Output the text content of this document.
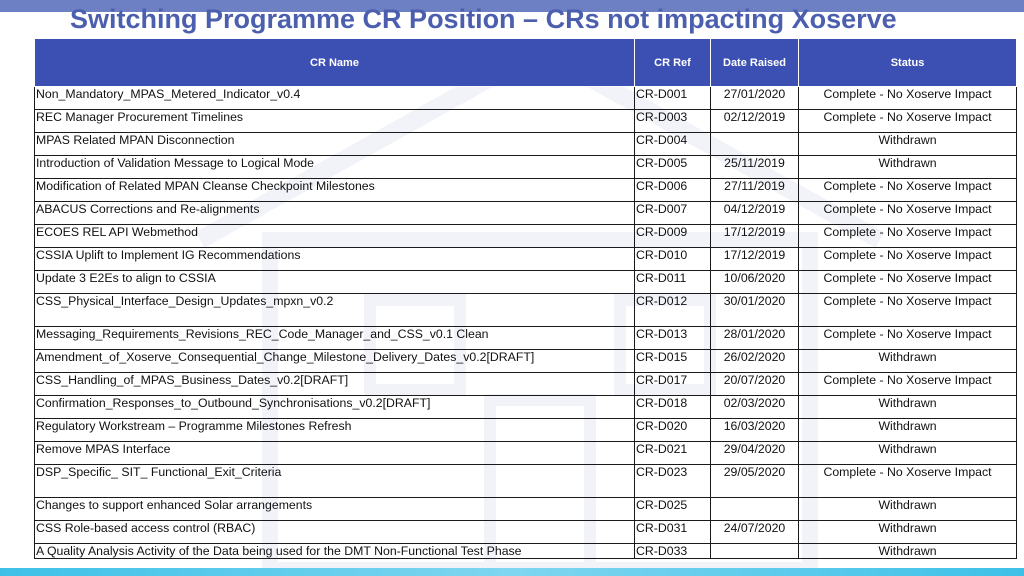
Switching Programme CR Position – CRs not impacting Xoserve
CR Name	CR Ref	Date Raised	Status
Non_Mandatory_MPAS_Metered_Indicator_v0.4	CR-D001	27/01/2020	Complete - No Xoserve Impact
REC Manager Procurement Timelines	CR-D003	02/12/2019	Complete - No Xoserve Impact
MPAS Related MPAN Disconnection	CR-D004		Withdrawn
Introduction of Validation Message to Logical Mode	CR-D005	25/11/2019	Withdrawn
Modification of Related MPAN Cleanse Checkpoint Milestones	CR-D006	27/11/2019	Complete - No Xoserve Impact
ABACUS Corrections and Re-alignments	CR-D007	04/12/2019	Complete - No Xoserve Impact
ECOES REL API Webmethod	CR-D009	17/12/2019	Complete - No Xoserve Impact
CSSIA Uplift to Implement IG Recommendations	CR-D010	17/12/2019	Complete - No Xoserve Impact
Update 3 E2Es to align to CSSIA	CR-D011	10/06/2020	Complete - No Xoserve Impact
CSS_Physical_Interface_Design_Updates_mpxn_v0.2	CR-D012	30/01/2020	Complete - No Xoserve Impact
Messaging_Requirements_Revisions_REC_Code_Manager_and_CSS_v0.1 Clean	CR-D013	28/01/2020	Complete - No Xoserve Impact
Amendment_of_Xoserve_Consequential_Change_Milestone_Delivery_Dates_v0.2[DRAFT]	CR-D015	26/02/2020	Withdrawn
CSS_Handling_of_MPAS_Business_Dates_v0.2[DRAFT]	CR-D017	20/07/2020	Complete - No Xoserve Impact
Confirmation_Responses_to_Outbound_Synchronisations_v0.2[DRAFT]	CR-D018	02/03/2020	Withdrawn
Regulatory Workstream – Programme Milestones Refresh	CR-D020	16/03/2020	Withdrawn
Remove MPAS Interface	CR-D021	29/04/2020	Withdrawn
DSP_Specific_ SIT_ Functional_Exit_Criteria	CR-D023	29/05/2020	Complete - No Xoserve Impact
Changes to support enhanced Solar arrangements	CR-D025		Withdrawn
CSS Role-based access control (RBAC)	CR-D031	24/07/2020	Withdrawn
A Quality Analysis Activity of the Data being used for the DMT Non-Functional Test Phase	CR-D033		Withdrawn
